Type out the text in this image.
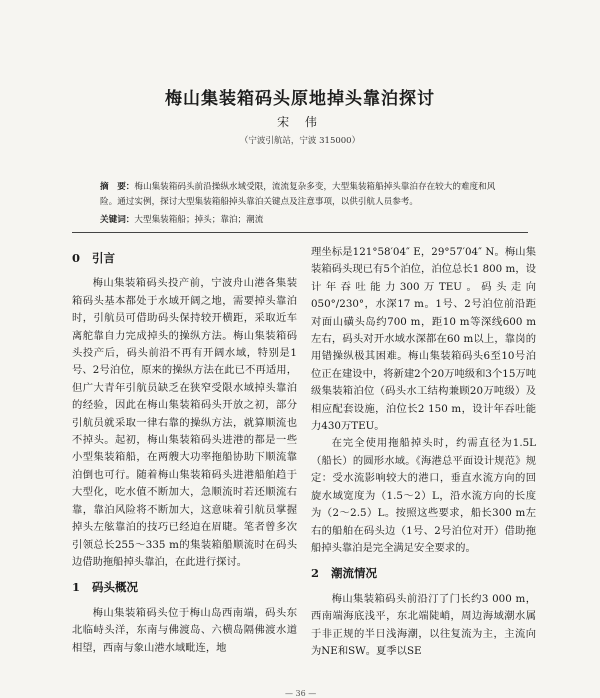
梅山集装箱码头原地掉头靠泊探讨
宋 伟
（宁波引航站，宁波 315000）
摘　要：梅山集装箱码头前沿操纵水域受限，流流复杂多变，大型集装箱船掉头靠泊存在较大的难度和风险。通过实例，探讨大型集装箱船掉头靠泊关键点及注意事项，以供引航人员参考。
关键词：大型集装箱船；掉头；靠泊；潮流
0 引言

梅山集装箱码头投产前，宁波舟山港各集装箱码头基本都处于水域开阔之地，需要掉头靠泊时，引航员可借助码头保持较开横距，采取近车离舵靠自力完成掉头的操纵方法。梅山集装箱码头投产后，码头前沿不再有开阔水域，特别是1号、2号泊位，原来的操纵方法在此已不再适用，但广大青年引航员缺乏在狭窄受限水域掉头靠泊的经验，因此在梅山集装箱码头开放之初，部分引航员就采取一律右靠的操纵方法，就算顺流也不掉头。起初，梅山集装箱码头进港的都是一些小型集装箱船，在两艘大功率拖船协助下顺流靠泊倒也可行。随着梅山集装箱码头进港船舶趋于大型化，吃水值不断加大，急顺流时若还顺流右靠，靠泊风险将不断加大，这意味着引航员掌握掉头左舷靠泊的技巧已经迫在眉睫。笔者曾多次引领总长255～335 m的集装箱船顺流时在码头边借助拖船掉头靠泊，在此进行探讨。

1 码头概况

梅山集装箱码头位于梅山岛西南端，码头东北临峙头洋，东南与佛渡岛、六横岛隔佛渡水道相望，西南与象山港水域毗连，地

理坐标是121°58′04″ E，29°57′04″ N。梅山集装箱码头现已有5个泊位，泊位总长1 800 m，设计年吞吐能力300万TEU。码头走向050°/230°，水深17 m。1号、2号泊位前沿距对面山磺头岛约700 m，距10 m等深线600 m左右，码头对开水域水深都在60 m以上，靠岗的用错操纵极其困难。梅山集装箱码头6至10号泊位正在建设中，将新建2个20万吨级和3个15万吨级集装箱泊位（码头水工结构兼顾20万吨级）及相应配套设施，泊位长2 150 m，设计年吞吐能力430万TEU。

在完全使用拖船掉头时，约需直径为1.5L（船长）的圆形水域。《海港总平面设计规范》规定：受水流影响较大的港口，垂直水流方向的回旋水域宽度为（1.5～2）L，沿水流方向的长度为（2～2.5）L。按照这些要求，船长300 m左右的船舶在码头边（1号、2号泊位对开）借助拖船掉头靠泊是完全满足安全要求的。

2 潮流情况

梅山集装箱码头前沿汀了门长约3 000 m，西南端海底浅平，东北端陡峭，周边海域潮水属于非正规的半日浅海潮，以往复流为主，主流向为NE和SW。夏季以SE

— 36 —
